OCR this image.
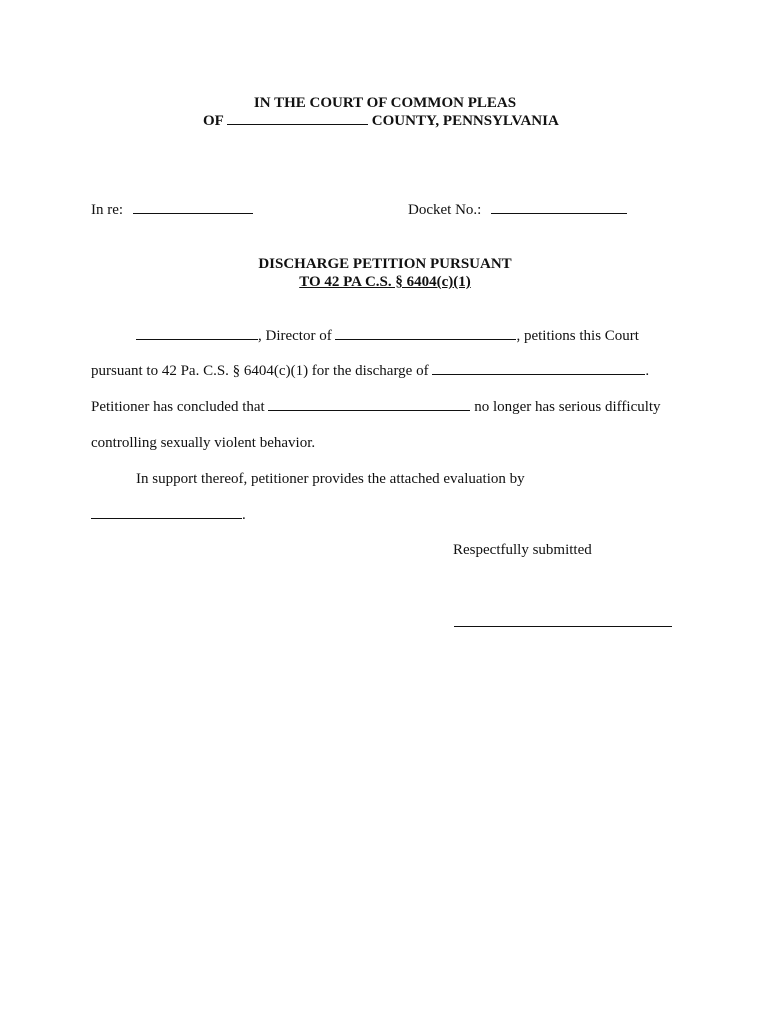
IN THE COURT OF COMMON PLEAS
OF	COUNTY, PENNSYLVANIA
In re:	Docket No.:
DISCHARGE PETITION PURSUANT
TO 42 PA C.S. § 6404(c)(1)
, Director of	, petitions this Court
pursuant to 42 Pa. C.S. § 6404(c)(1) for the discharge of	.
Petitioner has concluded that	no longer has serious difficulty
controlling sexually violent behavior.
In support thereof, petitioner provides the attached evaluation by
.
Respectfully submitted
